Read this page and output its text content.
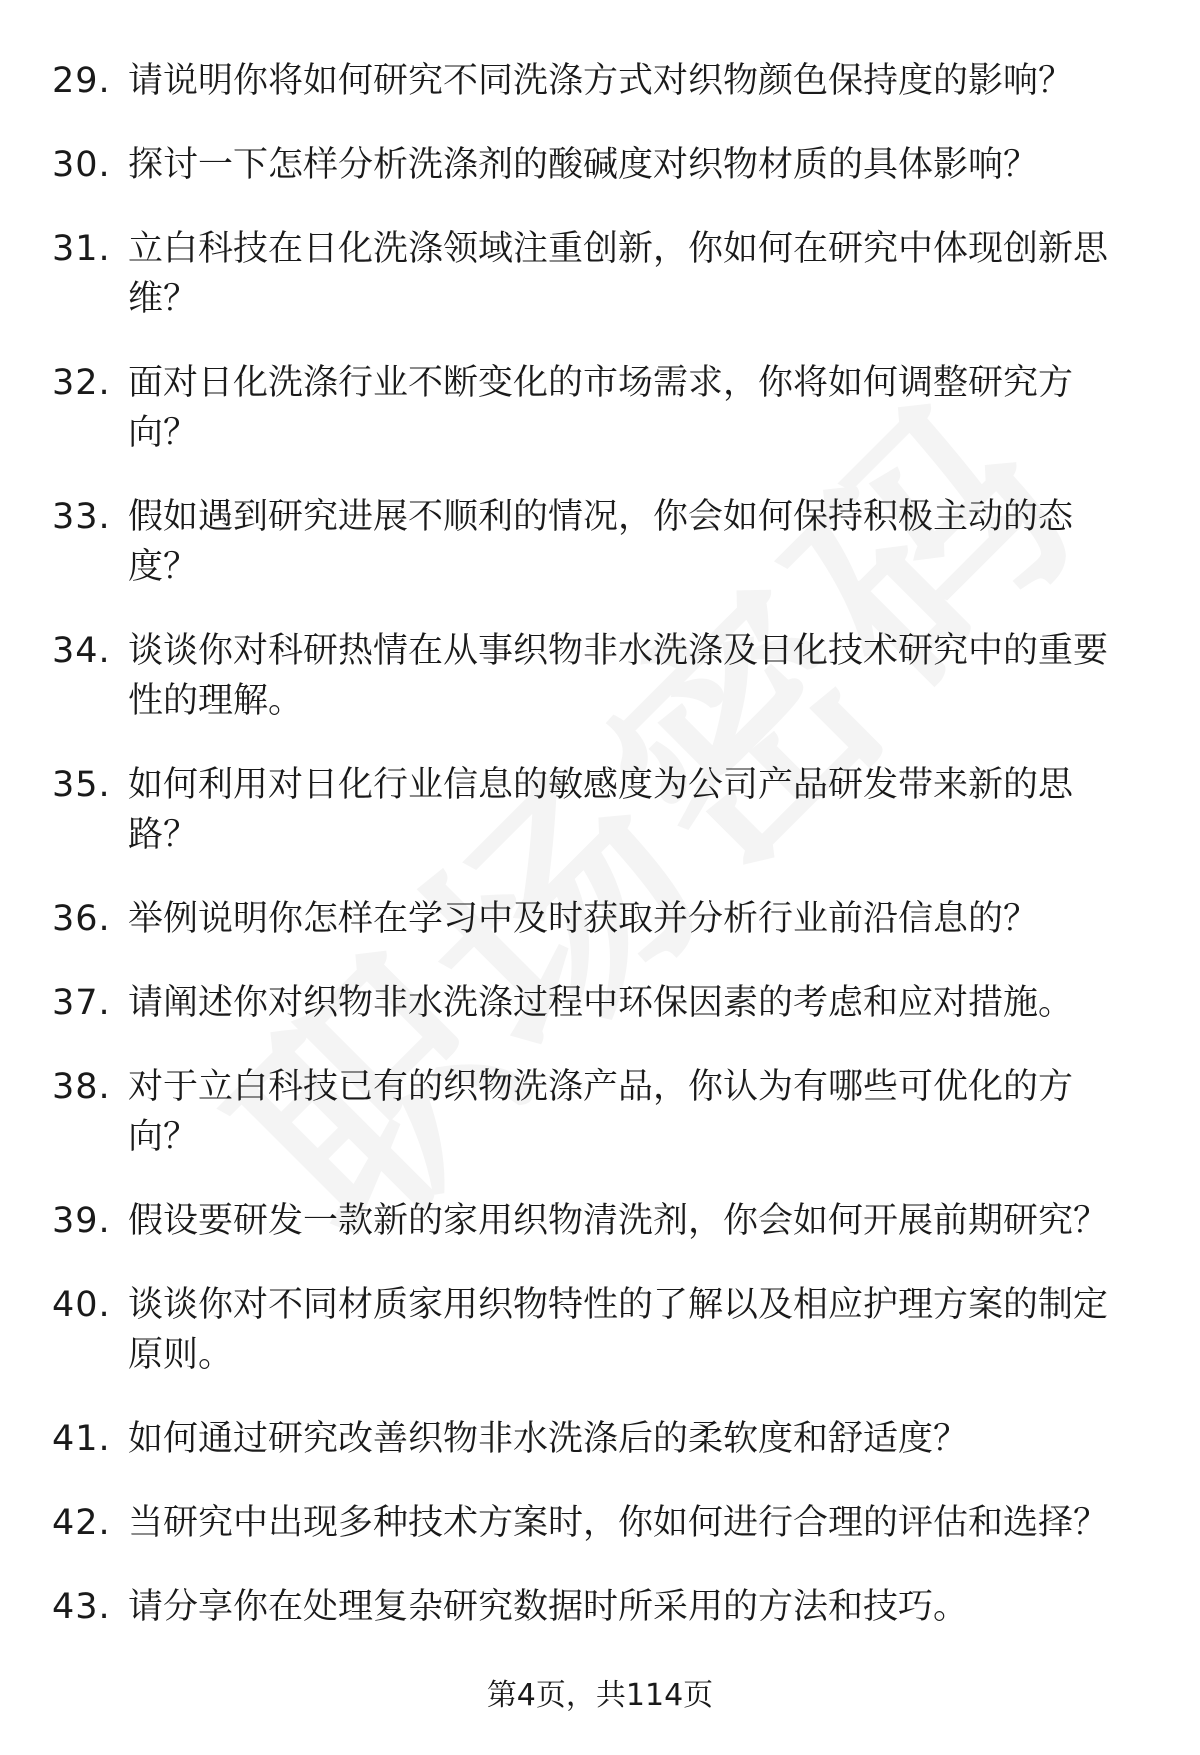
29. 请说明你将如何研究不同洗涤方式对织物颜色保持度的影响？
30. 探讨一下怎样分析洗涤剂的酸碱度对织物材质的具体影响？
31. 立白科技在日化洗涤领域注重创新，你如何在研究中体现创新思维？
32. 面对日化洗涤行业不断变化的市场需求，你将如何调整研究方向？
33. 假如遇到研究进展不顺利的情况，你会如何保持积极主动的态度？
34. 谈谈你对科研热情在从事织物非水洗涤及日化技术研究中的重要性的理解。
35. 如何利用对日化行业信息的敏感度为公司产品研发带来新的思路？
36. 举例说明你怎样在学习中及时获取并分析行业前沿信息的？
37. 请阐述你对织物非水洗涤过程中环保因素的考虑和应对措施。
38. 对于立白科技已有的织物洗涤产品，你认为有哪些可优化的方向？
39. 假设要研发一款新的家用织物清洗剂，你会如何开展前期研究？
40. 谈谈你对不同材质家用织物特性的了解以及相应护理方案的制定原则。
41. 如何通过研究改善织物非水洗涤后的柔软度和舒适度？
42. 当研究中出现多种技术方案时，你如何进行合理的评估和选择？
43. 请分享你在处理复杂研究数据时所采用的方法和技巧。
第4页，共114页
